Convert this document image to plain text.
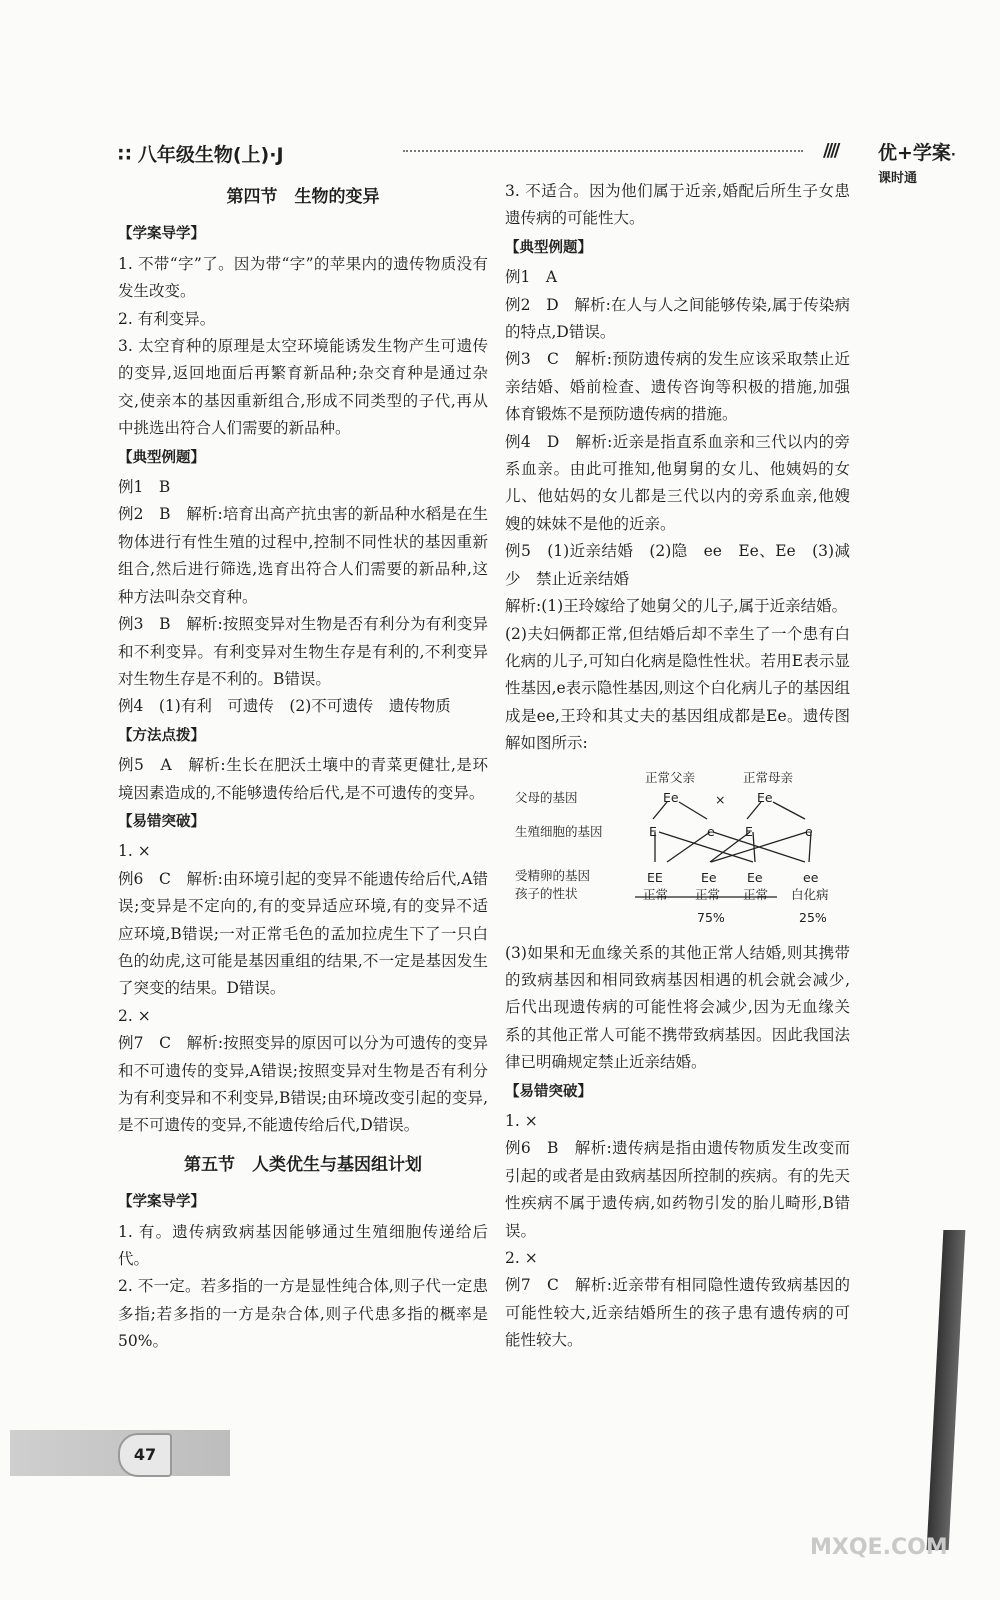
∷ 八年级生物(上)·J	//// 优+学案·课时通
第四节　生物的变异
【学案导学】

1. 不带“字”了。因为带“字”的苹果内的遗传物质没有发生改变。

2. 有利变异。

3. 太空育种的原理是太空环境能诱发生物产生可遗传的变异,返回地面后再繁育新品种;杂交育种是通过杂交,使亲本的基因重新组合,形成不同类型的子代,再从中挑选出符合人们需要的新品种。

【典型例题】

例1　B

例2　B　解析:培育出高产抗虫害的新品种水稻是在生物体进行有性生殖的过程中,控制不同性状的基因重新组合,然后进行筛选,选育出符合人们需要的新品种,这种方法叫杂交育种。

例3　B　解析:按照变异对生物是否有利分为有利变异和不利变异。有利变异对生物生存是有利的,不利变异对生物生存是不利的。B错误。

例4　(1)有利　可遗传　(2)不可遗传　遗传物质

【方法点拨】

例5　A　解析:生长在肥沃土壤中的青菜更健壮,是环境因素造成的,不能够遗传给后代,是不可遗传的变异。

【易错突破】

1. ×

例6　C　解析:由环境引起的变异不能遗传给后代,A错误;变异是不定向的,有的变异适应环境,有的变异不适应环境,B错误;一对正常毛色的孟加拉虎生下了一只白色的幼虎,这可能是基因重组的结果,不一定是基因发生了突变的结果。D错误。

2. ×

例7　C　解析:按照变异的原因可以分为可遗传的变异和不可遗传的变异,A错误;按照变异对生物是否有利分为有利变异和不利变异,B错误;由环境改变引起的变异,是不可遗传的变异,不能遗传给后代,D错误。

第五节　人类优生与基因组计划
【学案导学】

1. 有。遗传病致病基因能够通过生殖细胞传递给后代。

2. 不一定。若多指的一方是显性纯合体,则子代一定患多指;若多指的一方是杂合体,则子代患多指的概率是50%。

3. 不适合。因为他们属于近亲,婚配后所生子女患遗传病的可能性大。

【典型例题】

例1　A

例2　D　解析:在人与人之间能够传染,属于传染病的特点,D错误。

例3　C　解析:预防遗传病的发生应该采取禁止近亲结婚、婚前检查、遗传咨询等积极的措施,加强体育锻炼不是预防遗传病的措施。

例4　D　解析:近亲是指直系血亲和三代以内的旁系血亲。由此可推知,他舅舅的女儿、他姨妈的女儿、他姑妈的女儿都是三代以内的旁系血亲,他嫂嫂的妹妹不是他的近亲。

例5　(1)近亲结婚　(2)隐　ee　Ee、Ee　(3)减少　禁止近亲结婚

解析:(1)王玲嫁给了她舅父的儿子,属于近亲结婚。

(2)夫妇俩都正常,但结婚后却不幸生了一个患有白化病的儿子,可知白化病是隐性性状。若用E表示显性基因,e表示隐性基因,则这个白化病儿子的基因组成是ee,王玲和其丈夫的基因组成都是Ee。遗传图解如图所示:

正常父亲	正常母亲
父母的基因	Ee	×	Ee
生殖细胞的基因	E	e E	e
受精卵的基因
孩子的性状
EE	Ee Ee	ee
正常 正常 正常 白化病
75%	25%

(3)如果和无血缘关系的其他正常人结婚,则其携带的致病基因和相同致病基因相遇的机会就会减少,后代出现遗传病的可能性将会减少,因为无血缘关系的其他正常人可能不携带致病基因。因此我国法律已明确规定禁止近亲结婚。

【易错突破】

1. ×

例6　B　解析:遗传病是指由遗传物质发生改变而引起的或者是由致病基因所控制的疾病。有的先天性疾病不属于遗传病,如药物引发的胎儿畸形,B错误。

2. ×

例7　C　解析:近亲带有相同隐性遗传致病基因的可能性较大,近亲结婚所生的孩子患有遗传病的可能性较大。

47
MXQE.COM
